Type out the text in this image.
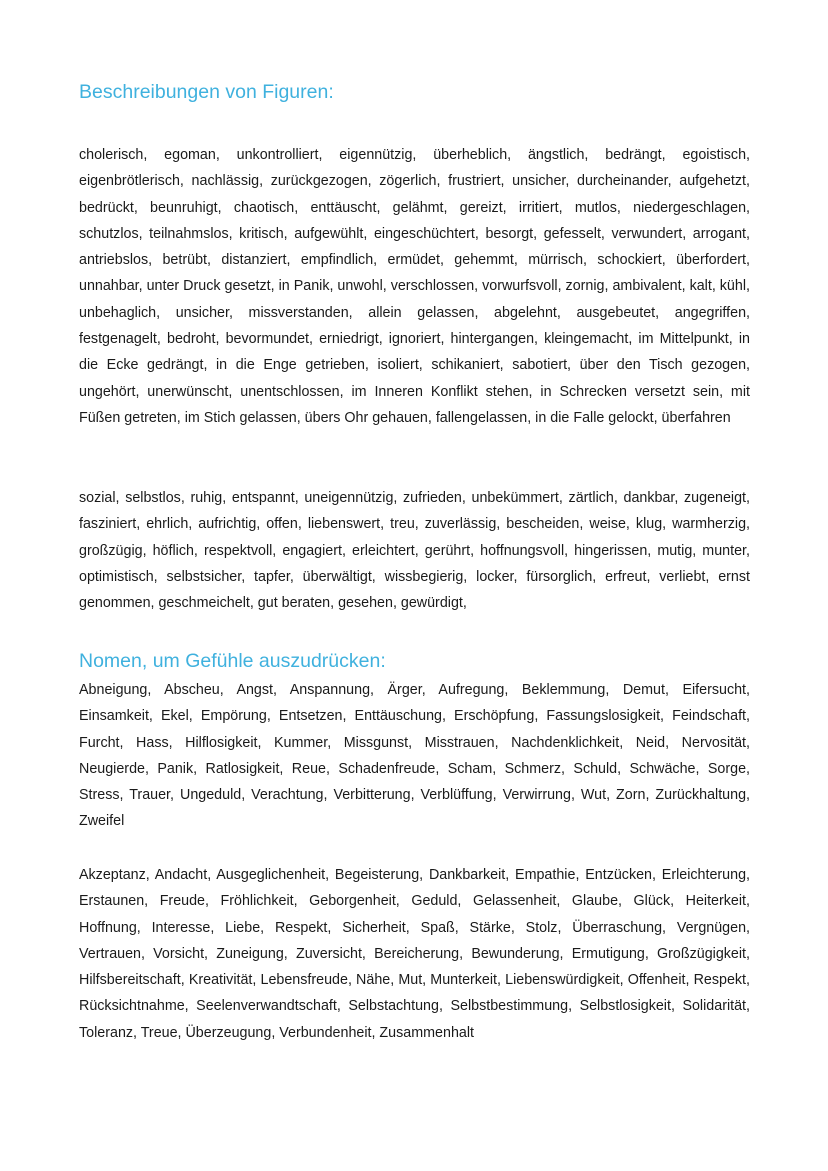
Beschreibungen von Figuren:

cholerisch, egoman, unkontrolliert, eigennützig, überheblich, ängstlich, bedrängt, egoistisch, eigenbrötlerisch, nachlässig, zurückgezogen, zögerlich, frustriert, unsicher, durcheinander, aufgehetzt, bedrückt, beunruhigt, chaotisch, enttäuscht, gelähmt, gereizt, irritiert, mutlos, niedergeschlagen, schutzlos, teilnahmslos, kritisch, aufgewühlt, eingeschüchtert, besorgt, gefesselt, verwundert, arrogant, antriebslos, betrübt, distanziert, empfindlich, ermüdet, gehemmt, mürrisch, schockiert, überfordert, unnahbar, unter Druck gesetzt, in Panik, unwohl, verschlossen, vorwurfsvoll, zornig, ambivalent, kalt, kühl, unbehaglich, unsicher, missverstanden, allein gelassen, abgelehnt, ausgebeutet, angegriffen, festgenagelt, bedroht, bevormundet, erniedrigt, ignoriert, hintergangen, kleingemacht, im Mittelpunkt, in die Ecke gedrängt, in die Enge getrieben, isoliert, schikaniert, sabotiert, über den Tisch gezogen, ungehört, unerwünscht, unentschlossen, im Inneren Konflikt stehen, in Schrecken versetzt sein, mit Füßen getreten, im Stich gelassen, übers Ohr gehauen, fallengelassen, in die Falle gelockt, überfahren

sozial, selbstlos, ruhig, entspannt, uneigennützig, zufrieden, unbekümmert, zärtlich, dankbar, zugeneigt, fasziniert, ehrlich, aufrichtig, offen, liebenswert, treu, zuverlässig, bescheiden, weise, klug, warmherzig, großzügig, höflich, respektvoll, engagiert, erleichtert, gerührt, hoffnungsvoll, hingerissen, mutig, munter, optimistisch, selbstsicher, tapfer, überwältigt, wissbegierig, locker, fürsorglich, erfreut, verliebt, ernst genommen, geschmeichelt, gut beraten, gesehen, gewürdigt,

Nomen, um Gefühle auszudrücken:

Abneigung, Abscheu, Angst, Anspannung, Ärger, Aufregung, Beklemmung, Demut, Eifersucht, Einsamkeit, Ekel, Empörung, Entsetzen, Enttäuschung, Erschöpfung, Fassungslosigkeit, Feindschaft, Furcht, Hass, Hilflosigkeit, Kummer, Missgunst, Misstrauen, Nachdenklichkeit, Neid, Nervosität, Neugierde, Panik, Ratlosigkeit, Reue, Schadenfreude, Scham, Schmerz, Schuld, Schwäche, Sorge, Stress, Trauer, Ungeduld, Verachtung, Verbitterung, Verblüffung, Verwirrung, Wut, Zorn, Zurückhaltung, Zweifel

Akzeptanz, Andacht, Ausgeglichenheit, Begeisterung, Dankbarkeit, Empathie, Entzücken, Erleichterung, Erstaunen, Freude, Fröhlichkeit, Geborgenheit, Geduld, Gelassenheit, Glaube, Glück, Heiterkeit, Hoffnung, Interesse, Liebe, Respekt, Sicherheit, Spaß, Stärke, Stolz, Überraschung, Vergnügen, Vertrauen, Vorsicht, Zuneigung, Zuversicht, Bereicherung, Bewunderung, Ermutigung, Großzügigkeit, Hilfsbereitschaft, Kreativität, Lebensfreude, Nähe, Mut, Munterkeit, Liebenswürdigkeit, Offenheit, Respekt, Rücksichtnahme, Seelenverwandtschaft, Selbstachtung, Selbstbestimmung, Selbstlosigkeit, Solidarität, Toleranz, Treue, Überzeugung, Verbundenheit, Zusammenhalt
